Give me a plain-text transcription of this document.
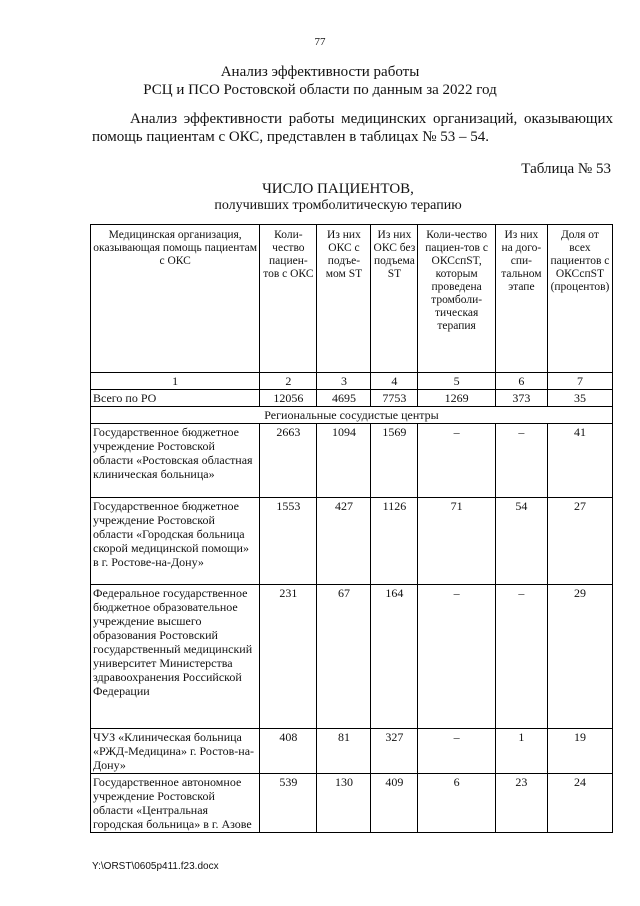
77
Анализ эффективности работы
РСЦ и ПСО Ростовской области по данным за 2022 год
Анализ эффективности работы медицинских организаций, оказывающих помощь пациентам с ОКС, представлен в таблицах № 53 – 54.
Таблица № 53
ЧИСЛО ПАЦИЕНТОВ,
получивших тромболитическую терапию
Медицинская организация, оказывающая помощь пациентам с ОКС	Коли-чество пациен-тов с ОКС	Из них ОКС с подъе-мом ST	Из них ОКС без подъема ST	Коли-чество пациен-тов с ОКСспST, которым проведена тромболи-тическая терапия	Из них на дого-спи-тальном этапе	Доля от всех пациентов с ОКСспST (процентов)
1	2	3	4	5	6	7
Всего по РО	12056	4695	7753	1269	373	35
Региональные сосудистые центры						
Государственное бюджетное учреждение Ростовской области «Ростовская областная клиническая больница»	2663	1094	1569	–	–	41
Государственное бюджетное учреждение Ростовской области «Городская больница скорой медицинской помощи» в г. Ростове-на-Дону»	1553	427	1126	71	54	27
Федеральное государственное бюджетное образовательное учреждение высшего образования Ростовский государственный медицинский университет Министерства здравоохранения Российской Федерации	231	67	164	–	–	29
ЧУЗ «Клиническая больница «РЖД-Медицина» г. Ростов-на-Дону»	408	81	327	–	1	19
Государственное автономное учреждение Ростовской области «Центральная городская больница» в г. Азове	539	130	409	6	23	24
Y:\ORST\0605p411.f23.docx
